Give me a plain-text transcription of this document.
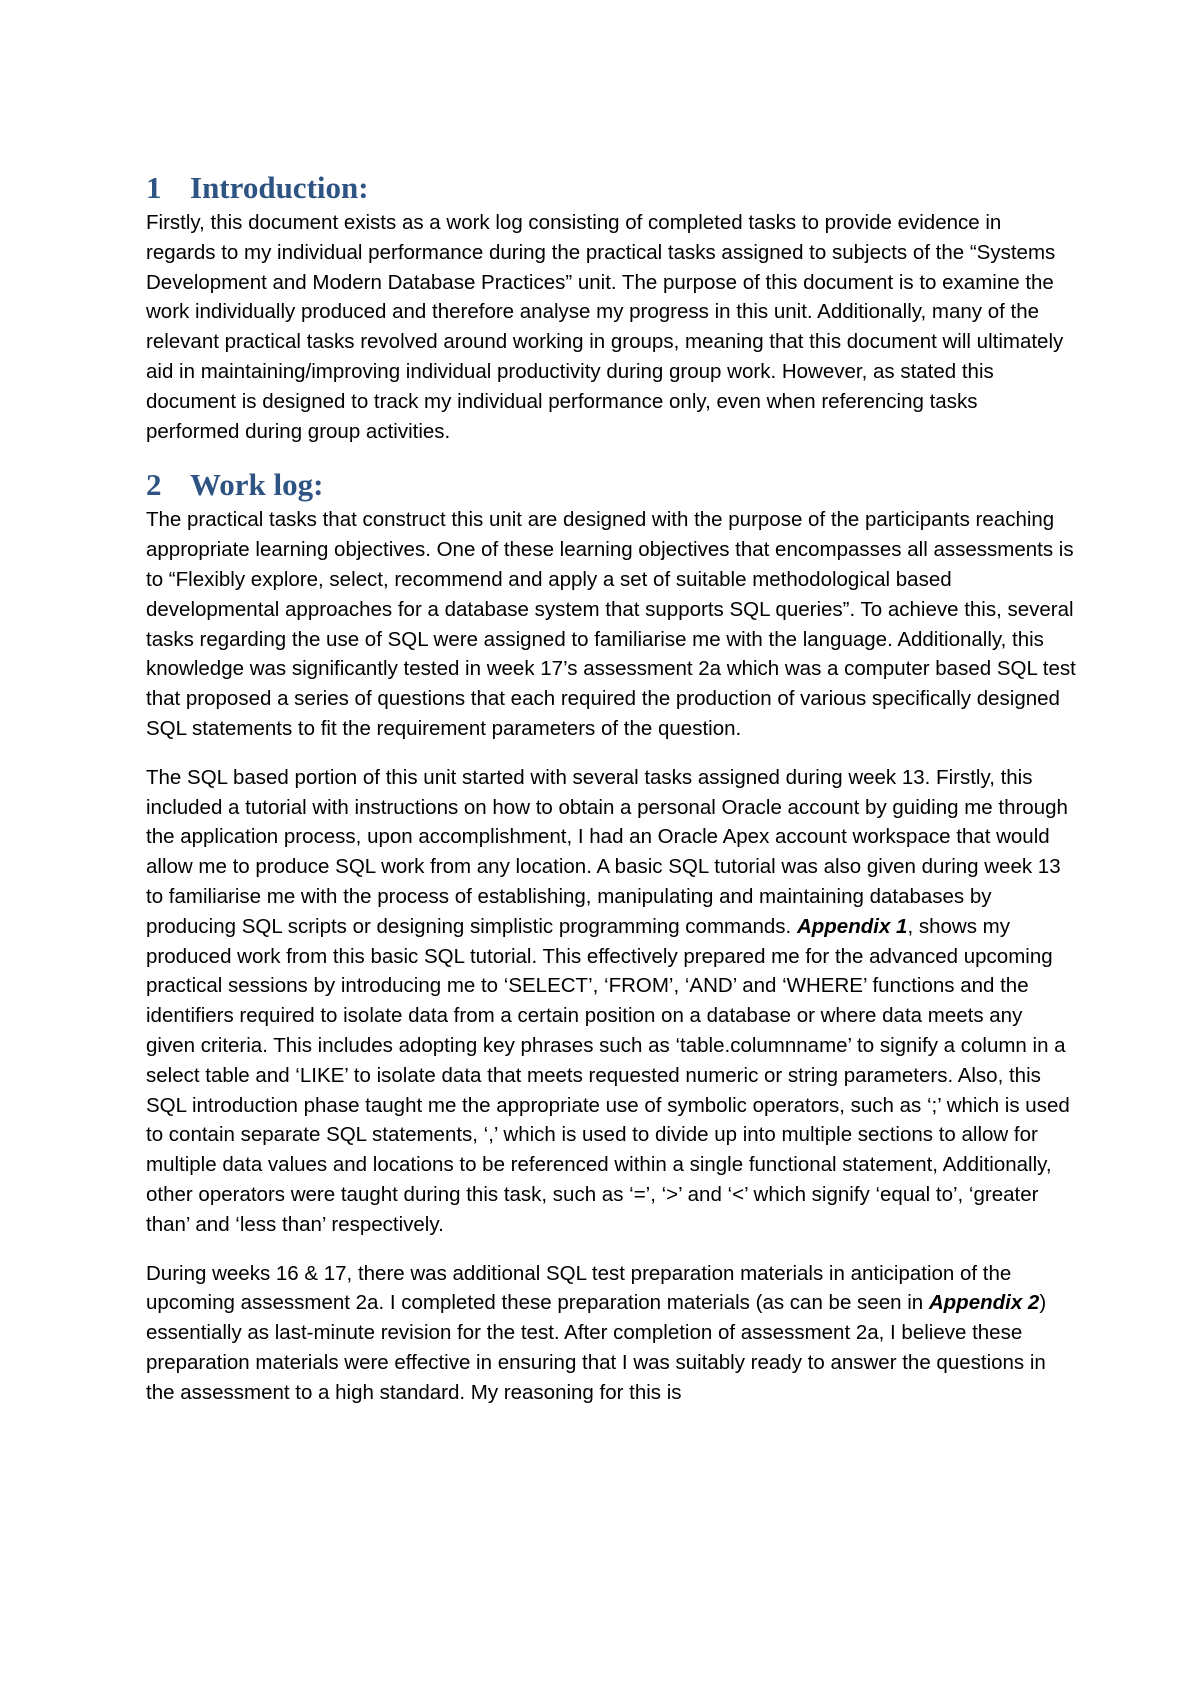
1 Introduction:

Firstly, this document exists as a work log consisting of completed tasks to provide evidence in regards to my individual performance during the practical tasks assigned to subjects of the “Systems Development and Modern Database Practices” unit. The purpose of this document is to examine the work individually produced and therefore analyse my progress in this unit. Additionally, many of the relevant practical tasks revolved around working in groups, meaning that this document will ultimately aid in maintaining/improving individual productivity during group work. However, as stated this document is designed to track my individual performance only, even when referencing tasks performed during group activities.

2 Work log:

The practical tasks that construct this unit are designed with the purpose of the participants reaching appropriate learning objectives. One of these learning objectives that encompasses all assessments is to “Flexibly explore, select, recommend and apply a set of suitable methodological based developmental approaches for a database system that supports SQL queries”. To achieve this, several tasks regarding the use of SQL were assigned to familiarise me with the language. Additionally, this knowledge was significantly tested in week 17’s assessment 2a which was a computer based SQL test that proposed a series of questions that each required the production of various specifically designed SQL statements to fit the requirement parameters of the question.

The SQL based portion of this unit started with several tasks assigned during week 13. Firstly, this included a tutorial with instructions on how to obtain a personal Oracle account by guiding me through the application process, upon accomplishment, I had an Oracle Apex account workspace that would allow me to produce SQL work from any location. A basic SQL tutorial was also given during week 13 to familiarise me with the process of establishing, manipulating and maintaining databases by producing SQL scripts or designing simplistic programming commands. Appendix 1, shows my produced work from this basic SQL tutorial. This effectively prepared me for the advanced upcoming practical sessions by introducing me to ‘SELECT’, ‘FROM’, ‘AND’ and ‘WHERE’ functions and the identifiers required to isolate data from a certain position on a database or where data meets any given criteria. This includes adopting key phrases such as ‘table.columnname’ to signify a column in a select table and ‘LIKE’ to isolate data that meets requested numeric or string parameters. Also, this SQL introduction phase taught me the appropriate use of symbolic operators, such as ‘;’ which is used to contain separate SQL statements, ‘,’ which is used to divide up into multiple sections to allow for multiple data values and locations to be referenced within a single functional statement, Additionally, other operators were taught during this task, such as ‘=’, ‘>’ and ‘<’ which signify ‘equal to’, ‘greater than’ and ‘less than’ respectively.

During weeks 16 & 17, there was additional SQL test preparation materials in anticipation of the upcoming assessment 2a. I completed these preparation materials (as can be seen in Appendix 2) essentially as last-minute revision for the test. After completion of assessment 2a, I believe these preparation materials were effective in ensuring that I was suitably ready to answer the questions in the assessment to a high standard. My reasoning for this is
